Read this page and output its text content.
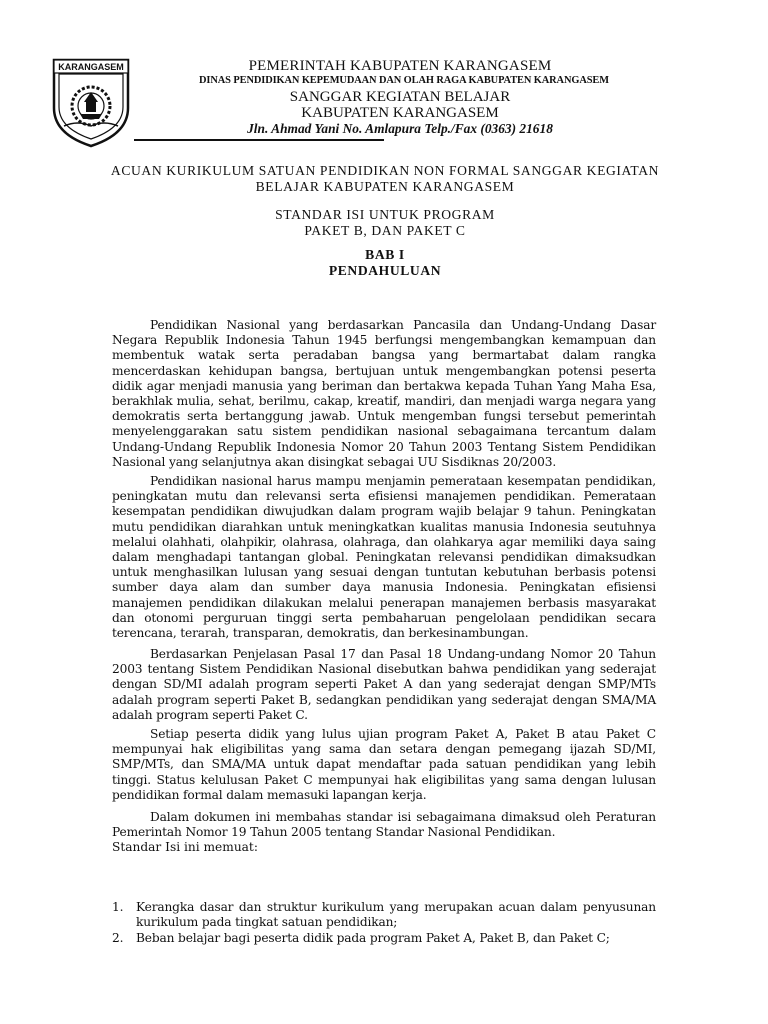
KARANGASEM	PEMERINTAH KABUPATEN KARANGASEM
DINAS PENDIDIKAN KEPEMUDAAN DAN OLAH RAGA KABUPATEN KARANGASEM
SANGGAR KEGIATAN BELAJAR
KABUPATEN KARANGASEM
Jln. Ahmad Yani No. Amlapura Telp./Fax (0363) 21618
ACUAN KURIKULUM SATUAN PENDIDIKAN NON FORMAL SANGGAR KEGIATAN BELAJAR KABUPATEN KARANGASEM
STANDAR ISI UNTUK PROGRAM PAKET B, DAN PAKET C
BAB I
PENDAHULUAN

Pendidikan Nasional yang berdasarkan Pancasila dan Undang-Undang Dasar Negara Republik Indonesia Tahun 1945 berfungsi mengembangkan kemampuan dan membentuk watak serta peradaban bangsa yang bermartabat dalam rangka mencerdaskan kehidupan bangsa, bertujuan untuk mengembangkan potensi peserta didik agar menjadi manusia yang beriman dan bertakwa kepada Tuhan Yang Maha Esa, berakhlak mulia, sehat, berilmu, cakap, kreatif, mandiri, dan menjadi warga negara yang demokratis serta bertanggung jawab. Untuk mengemban fungsi tersebut pemerintah menyelenggarakan satu sistem pendidikan nasional sebagaimana tercantum dalam Undang-Undang Republik Indonesia Nomor 20 Tahun 2003 Tentang Sistem Pendidikan Nasional yang selanjutnya akan disingkat sebagai UU Sisdiknas 20/2003.

Pendidikan nasional harus mampu menjamin pemerataan kesempatan pendidikan, peningkatan mutu dan relevansi serta efisiensi manajemen pendidikan. Pemerataan kesempatan pendidikan diwujudkan dalam program wajib belajar 9 tahun. Peningkatan mutu pendidikan diarahkan untuk meningkatkan kualitas manusia Indonesia seutuhnya melalui olahhati, olahpikir, olahrasa, olahraga, dan olahkarya agar memiliki daya saing dalam menghadapi tantangan global. Peningkatan relevansi pendidikan dimaksudkan untuk menghasilkan lulusan yang sesuai dengan tuntutan kebutuhan berbasis potensi sumber daya alam dan sumber daya manusia Indonesia. Peningkatan efisiensi manajemen pendidikan dilakukan melalui penerapan manajemen berbasis masyarakat dan otonomi perguruan tinggi serta pembaharuan pengelolaan pendidikan secara terencana, terarah, transparan, demokratis, dan berkesinambungan.

Berdasarkan Penjelasan Pasal 17 dan Pasal 18 Undang-undang Nomor 20 Tahun 2003 tentang Sistem Pendidikan Nasional disebutkan bahwa pendidikan yang sederajat dengan SD/MI adalah program seperti Paket A dan yang sederajat dengan SMP/MTs adalah program seperti Paket B, sedangkan pendidikan yang sederajat dengan SMA/MA adalah program seperti Paket C.

Setiap peserta didik yang lulus ujian program Paket A, Paket B atau Paket C mempunyai hak eligibilitas yang sama dan setara dengan pemegang ijazah SD/MI, SMP/MTs, dan SMA/MA untuk dapat mendaftar pada satuan pendidikan yang lebih tinggi. Status kelulusan Paket C mempunyai hak eligibilitas yang sama dengan lulusan pendidikan formal dalam memasuki lapangan kerja.

Dalam dokumen ini membahas standar isi sebagaimana dimaksud oleh Peraturan Pemerintah Nomor 19 Tahun 2005 tentang Standar Nasional Pendidikan.

Standar Isi ini memuat:
1. Kerangka dasar dan struktur kurikulum yang merupakan acuan dalam penyusunan kurikulum pada tingkat satuan pendidikan;
2. Beban belajar bagi peserta didik pada program Paket A, Paket B, dan Paket C;
